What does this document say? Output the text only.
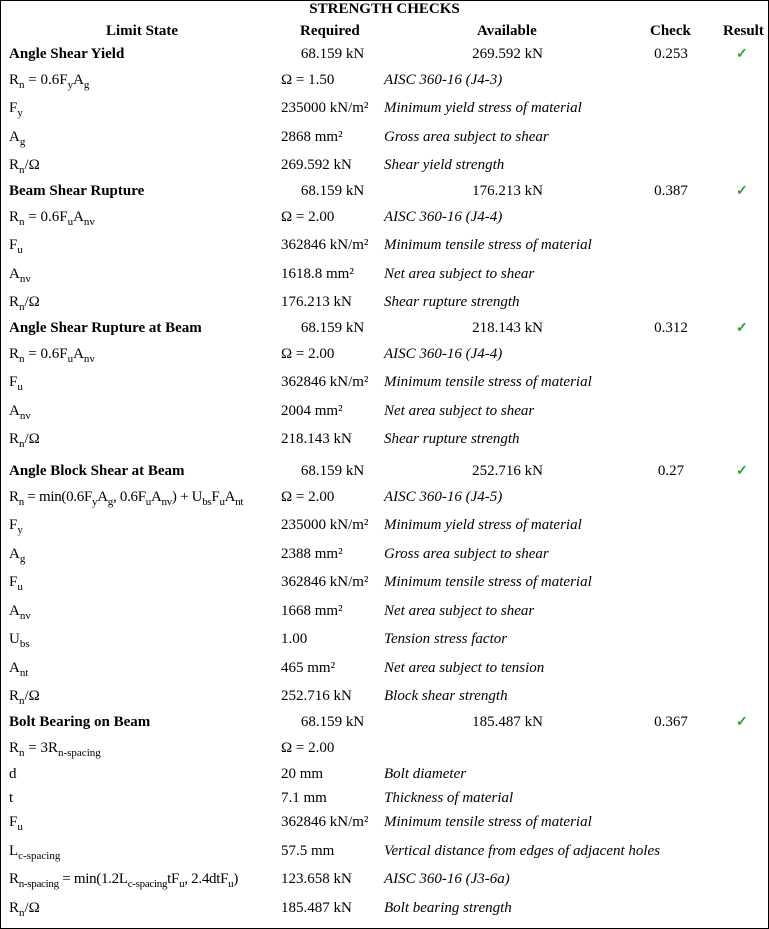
STRENGTH CHECKS
Limit State	Required	Available	Check Result
Angle Shear Yield	68.159 kN	269.592 kN	0.253	✓
$R_n = 0.6F_yA_g$	Ω = 1.50	AISC 360-16 (J4-3)
$F_y$	235000 kN/m² Minimum yield stress of material
$A_g$	2868 mm²	Gross area subject to shear
$R_n/\Omega$	269.592 kN Shear yield strength
Beam Shear Rupture	68.159 kN	176.213 kN	0.387	✓
$R_n = 0.6F_uA_{nv}$	Ω = 2.00	AISC 360-16 (J4-4)
$F_u$	362846 kN/m² Minimum tensile stress of material
$A_{nv}$	1618.8 mm² Net area subject to shear
$R_n/\Omega$	176.213 kN Shear rupture strength
Angle Shear Rupture at Beam	68.159 kN	218.143 kN	0.312	✓
$R_n = 0.6F_uA_{nv}$	Ω = 2.00	AISC 360-16 (J4-4)
$F_u$	362846 kN/m² Minimum tensile stress of material
$A_{nv}$	2004 mm²	Net area subject to shear
$R_n/\Omega$	218.143 kN Shear rupture strength
Angle Block Shear at Beam	68.159 kN	252.716 kN	0.27	✓
$R_n = \min(0.6F_yA_g$, $0.6F_uA_{nv}) + U_{bs}F_uA_{nt}$	Ω = 2.00	AISC 360-16 (J4-5)
$F_y$	235000 kN/m² Minimum yield stress of material
$A_g$	2388 mm²	Gross area subject to shear
$F_u$	362846 kN/m² Minimum tensile stress of material
$A_{nv}$	1668 mm²	Net area subject to shear
$U_{bs}$	1.00	Tension stress factor
$A_{nt}$	465 mm²	Net area subject to tension
$R_n/\Omega$	252.716 kN Block shear strength
Bolt Bearing on Beam	68.159 kN	185.487 kN	0.367	✓
$R_n = 3R_{n-spacing}$	Ω = 2.00
d	20 mm	Bolt diameter
t	7.1 mm	Thickness of material
$F_u$	362846 kN/m² Minimum tensile stress of material
$L_{c-spacing}$	57.5 mm	Vertical distance from edges of adjacent holes
$R_{n-spacing} = \min(1.2L_{c-spacing}tF_u$, 2.4dtF$_u$)	123.658 kN AISC 360-16 (J3-6a)
$R_n/\Omega$	185.487 kN Bolt bearing strength
